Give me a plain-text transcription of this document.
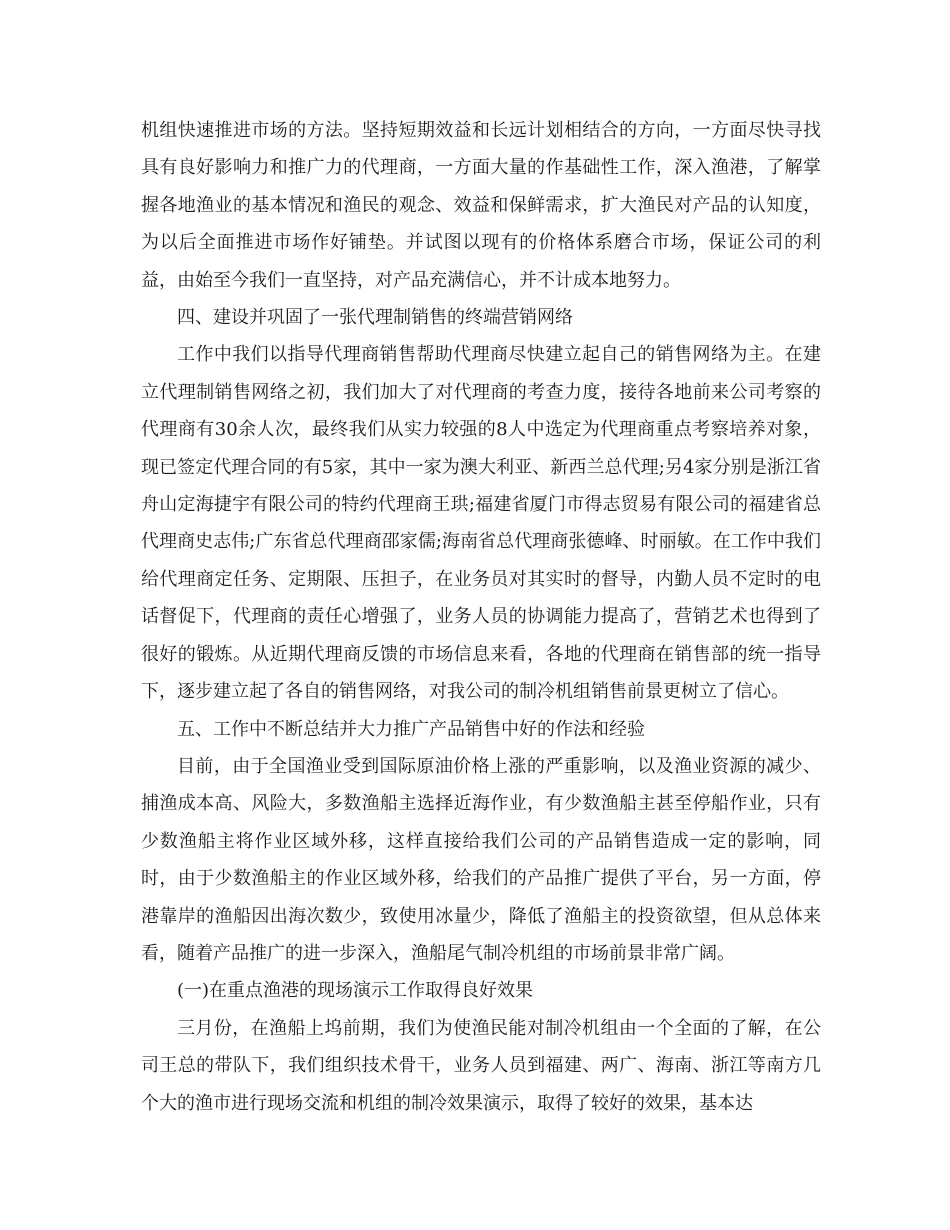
机组快速推进市场的方法。坚持短期效益和长远计划相结合的方向，一方面尽快寻找具有良好影响力和推广力的代理商，一方面大量的作基础性工作，深入渔港，了解掌握各地渔业的基本情况和渔民的观念、效益和保鲜需求，扩大渔民对产品的认知度，为以后全面推进市场作好铺垫。并试图以现有的价格体系磨合市场，保证公司的利益，由始至今我们一直坚持，对产品充满信心，并不计成本地努力。

四、建设并巩固了一张代理制销售的终端营销网络

工作中我们以指导代理商销售帮助代理商尽快建立起自己的销售网络为主。在建立代理制销售网络之初，我们加大了对代理商的考查力度，接待各地前来公司考察的代理商有30余人次，最终我们从实力较强的8人中选定为代理商重点考察培养对象，现已签定代理合同的有5家，其中一家为澳大利亚、新西兰总代理;另4家分别是浙江省舟山定海捷宇有限公司的特约代理商王珙;福建省厦门市得志贸易有限公司的福建省总代理商史志伟;广东省总代理商邵家儒;海南省总代理商张德峰、时丽敏。在工作中我们给代理商定任务、定期限、压担子，在业务员对其实时的督导，内勤人员不定时的电话督促下，代理商的责任心增强了，业务人员的协调能力提高了，营销艺术也得到了很好的锻炼。从近期代理商反馈的市场信息来看，各地的代理商在销售部的统一指导下，逐步建立起了各自的销售网络，对我公司的制冷机组销售前景更树立了信心。

五、工作中不断总结并大力推广产品销售中好的作法和经验

目前，由于全国渔业受到国际原油价格上涨的严重影响，以及渔业资源的减少、捕渔成本高、风险大，多数渔船主选择近海作业，有少数渔船主甚至停船作业，只有少数渔船主将作业区域外移，这样直接给我们公司的产品销售造成一定的影响，同时，由于少数渔船主的作业区域外移，给我们的产品推广提供了平台，另一方面，停港靠岸的渔船因出海次数少，致使用冰量少，降低了渔船主的投资欲望，但从总体来看，随着产品推广的进一步深入，渔船尾气制冷机组的市场前景非常广阔。

(一)在重点渔港的现场演示工作取得良好效果

三月份，在渔船上坞前期，我们为使渔民能对制冷机组由一个全面的了解，在公司王总的带队下，我们组织技术骨干，业务人员到福建、两广、海南、浙江等南方几个大的渔市进行现场交流和机组的制冷效果演示，取得了较好的效果，基本达
